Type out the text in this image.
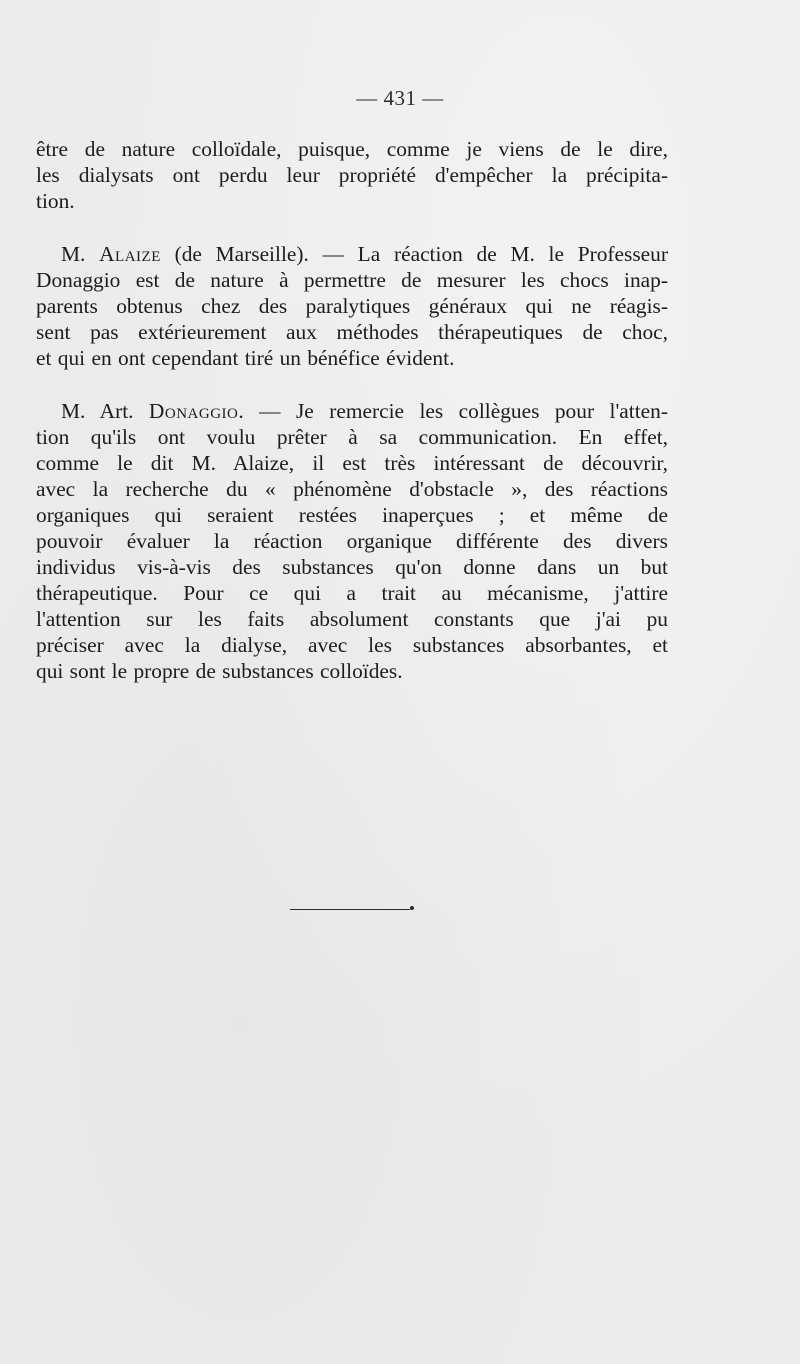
— 431 —

être de nature colloïdale, puisque, comme je viens de le dire,
les dialysats ont perdu leur propriété d'empêcher la précipita-
tion.

M. Alaize (de Marseille). — La réaction de M. le Professeur
Donaggio est de nature à permettre de mesurer les chocs inap-
parents obtenus chez des paralytiques généraux qui ne réagis-
sent pas extérieurement aux méthodes thérapeutiques de choc,
et qui en ont cependant tiré un bénéfice évident.

M. Art. Donaggio. — Je remercie les collègues pour l'atten-
tion qu'ils ont voulu prêter à sa communication. En effet,
comme le dit M. Alaize, il est très intéressant de découvrir,
avec la recherche du « phénomène d'obstacle », des réactions
organiques qui seraient restées inaperçues ; et même de
pouvoir évaluer la réaction organique différente des divers
individus vis-à-vis des substances qu'on donne dans un but
thérapeutique. Pour ce qui a trait au mécanisme, j'attire
l'attention sur les faits absolument constants que j'ai pu
préciser avec la dialyse, avec les substances absorbantes, et
qui sont le propre de substances colloïdes.
